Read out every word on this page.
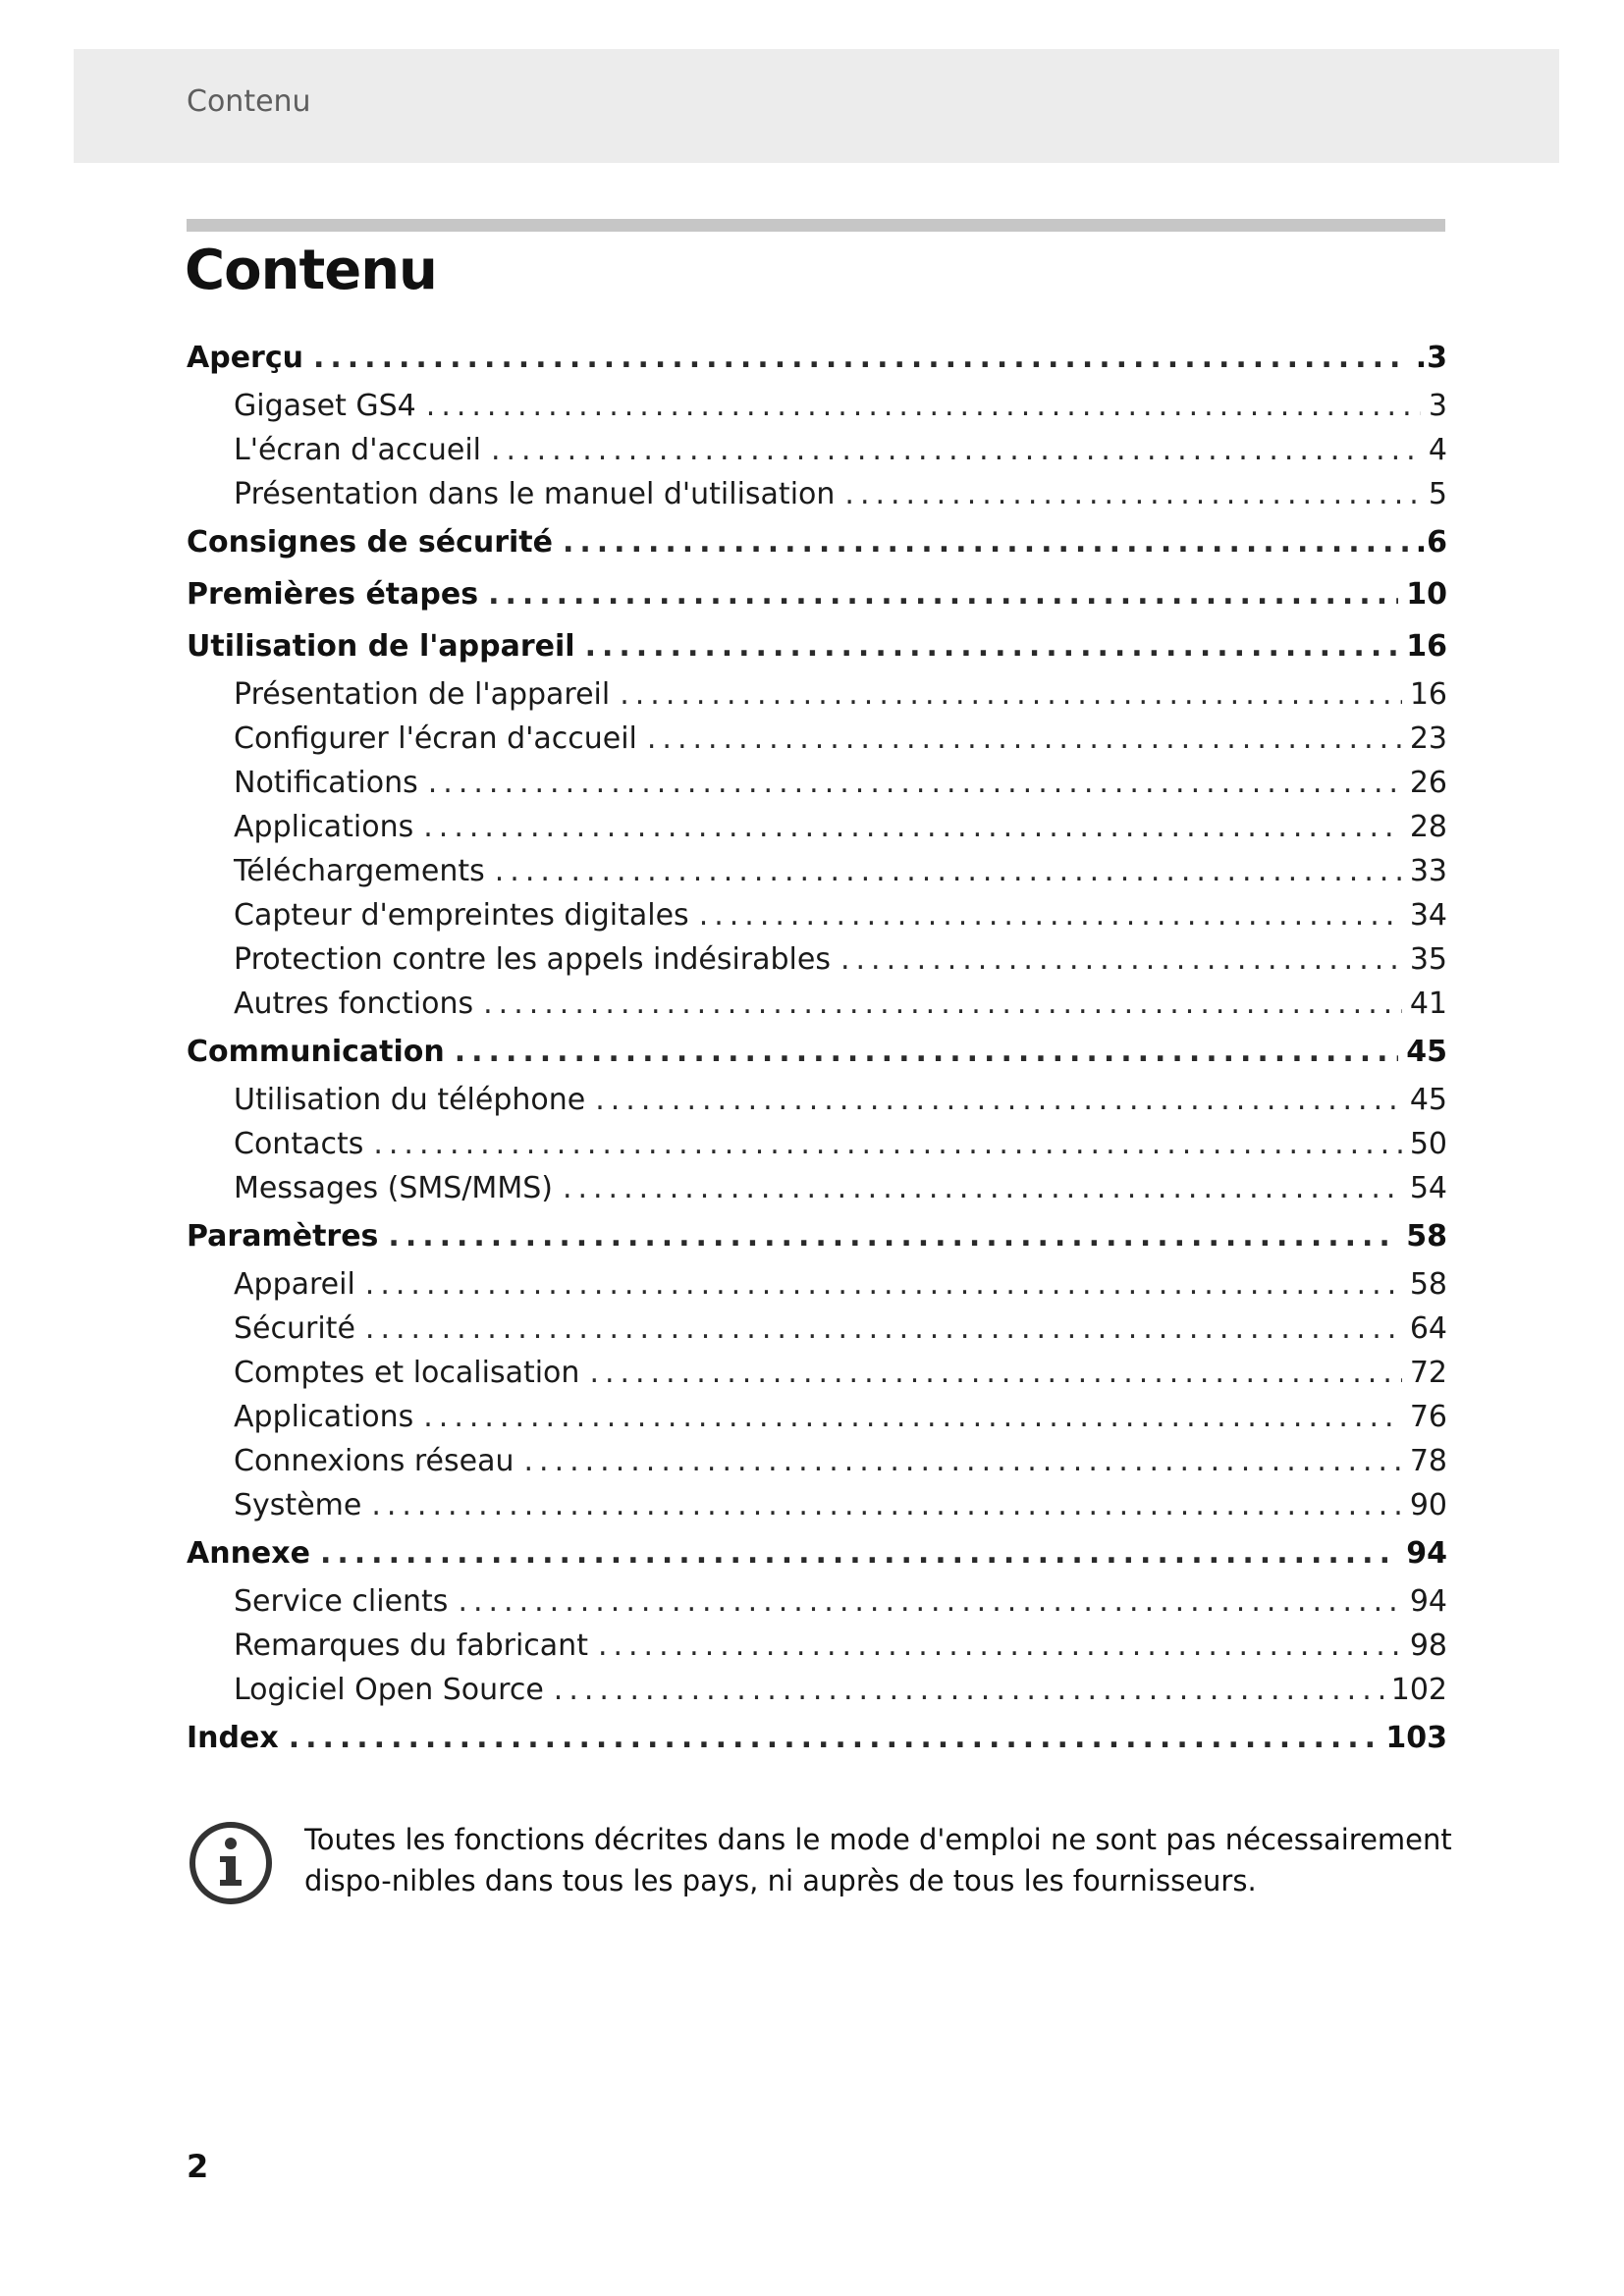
Contenu
Contenu
Aperçu .....	.3
Gigaset GS4 .....	3
L'écran d'accueil .....	4
Présentation dans le manuel d'utilisation .....	5
Consignes de sécurité .....	.6
Premières étapes .....	10
Utilisation de l'appareil .....	16
Présentation de l'appareil .....	16
Configurer l'écran d'accueil .....	23
Notifications .....	26
Applications .....	28
Téléchargements .....	33
Capteur d'empreintes digitales .....	34
Protection contre les appels indésirables .....	35
Autres fonctions .....	41
Communication .....	45
Utilisation du téléphone .....	45
Contacts .....	50
Messages (SMS/MMS) .....	54
Paramètres .....	58
Appareil .....	58
Sécurité .....	64
Comptes et localisation .....	72
Applications .....	76
Connexions réseau .....	78
Système .....	90
Annexe .....	94
Service clients .....	94
Remarques du fabricant .....	98
Logiciel Open Source .....	102
Index .....	103
Toutes les fonctions décrites dans le mode d'emploi ne sont pas nécessairement dispo-nibles dans tous les pays, ni auprès de tous les fournisseurs.
2
